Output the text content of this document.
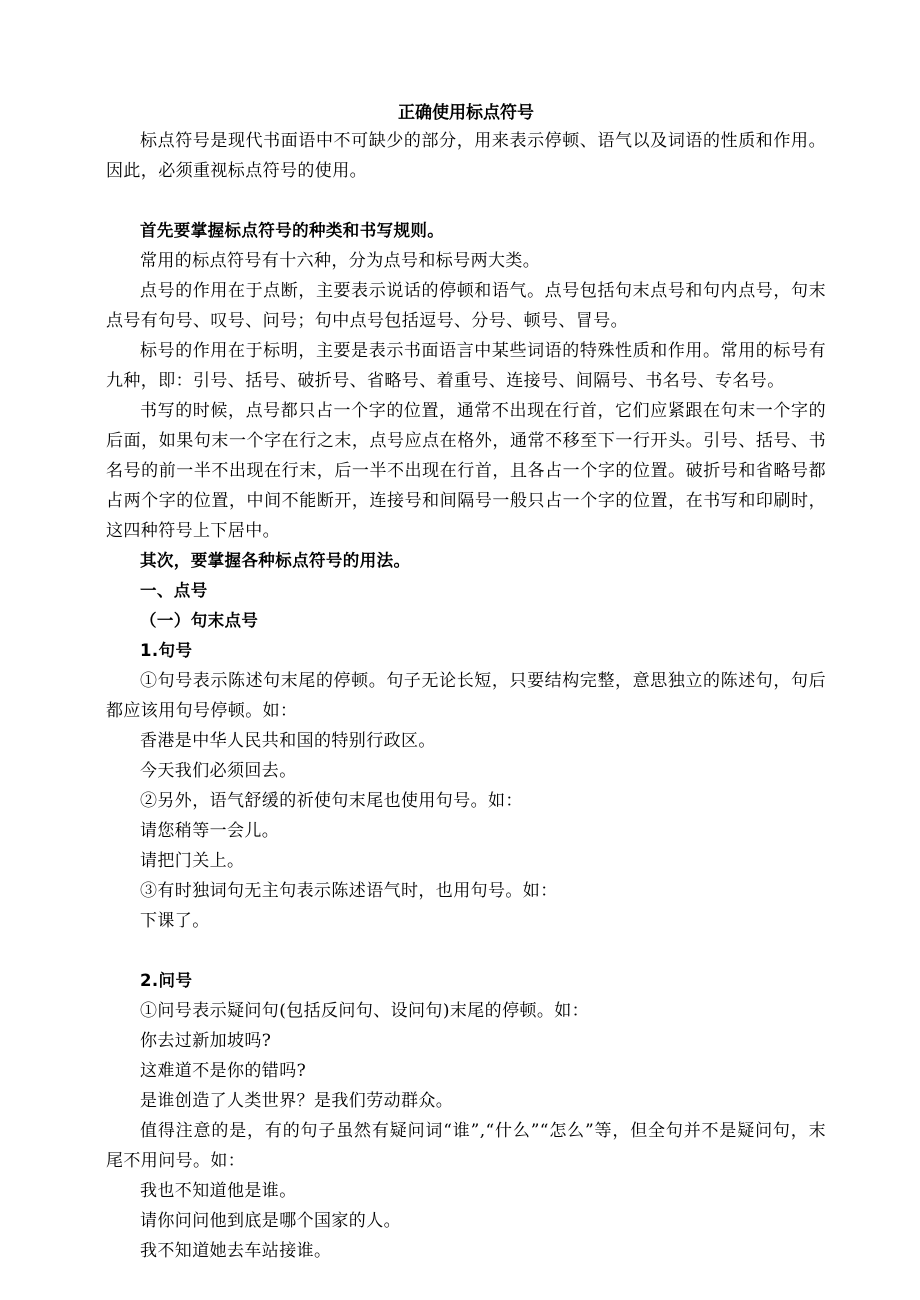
正确使用标点符号

标点符号是现代书面语中不可缺少的部分，用来表示停顿、语气以及词语的性质和作用。因此，必须重视标点符号的使用。

首先要掌握标点符号的种类和书写规则。

常用的标点符号有十六种，分为点号和标号两大类。

点号的作用在于点断，主要表示说话的停顿和语气。点号包括句末点号和句内点号，句末点号有句号、叹号、问号；句中点号包括逗号、分号、顿号、冒号。

标号的作用在于标明，主要是表示书面语言中某些词语的特殊性质和作用。常用的标号有九种，即：引号、括号、破折号、省略号、着重号、连接号、间隔号、书名号、专名号。

书写的时候，点号都只占一个字的位置，通常不出现在行首，它们应紧跟在句末一个字的后面，如果句末一个字在行之末，点号应点在格外，通常不移至下一行开头。引号、括号、书名号的前一半不出现在行末，后一半不出现在行首，且各占一个字的位置。破折号和省略号都占两个字的位置，中间不能断开，连接号和间隔号一般只占一个字的位置，在书写和印刷时，这四种符号上下居中。

其次，要掌握各种标点符号的用法。

一、点号

（一）句末点号

1.句号

①句号表示陈述句末尾的停顿。句子无论长短，只要结构完整，意思独立的陈述句，句后都应该用句号停顿。如：

香港是中华人民共和国的特别行政区。

今天我们必须回去。

②另外，语气舒缓的祈使句末尾也使用句号。如：

请您稍等一会儿。

请把门关上。

③有时独词句无主句表示陈述语气时，也用句号。如：

下课了。

2.问号

①问号表示疑问句(包括反问句、设问句)末尾的停顿。如：

你去过新加坡吗?

这难道不是你的错吗?

是谁创造了人类世界？是我们劳动群众。

值得注意的是，有的句子虽然有疑问词“谁”,“什么”“怎么”等，但全句并不是疑问句，末尾不用问号。如：

我也不知道他是谁。

请你问问他到底是哪个国家的人。

我不知道她去车站接谁。
